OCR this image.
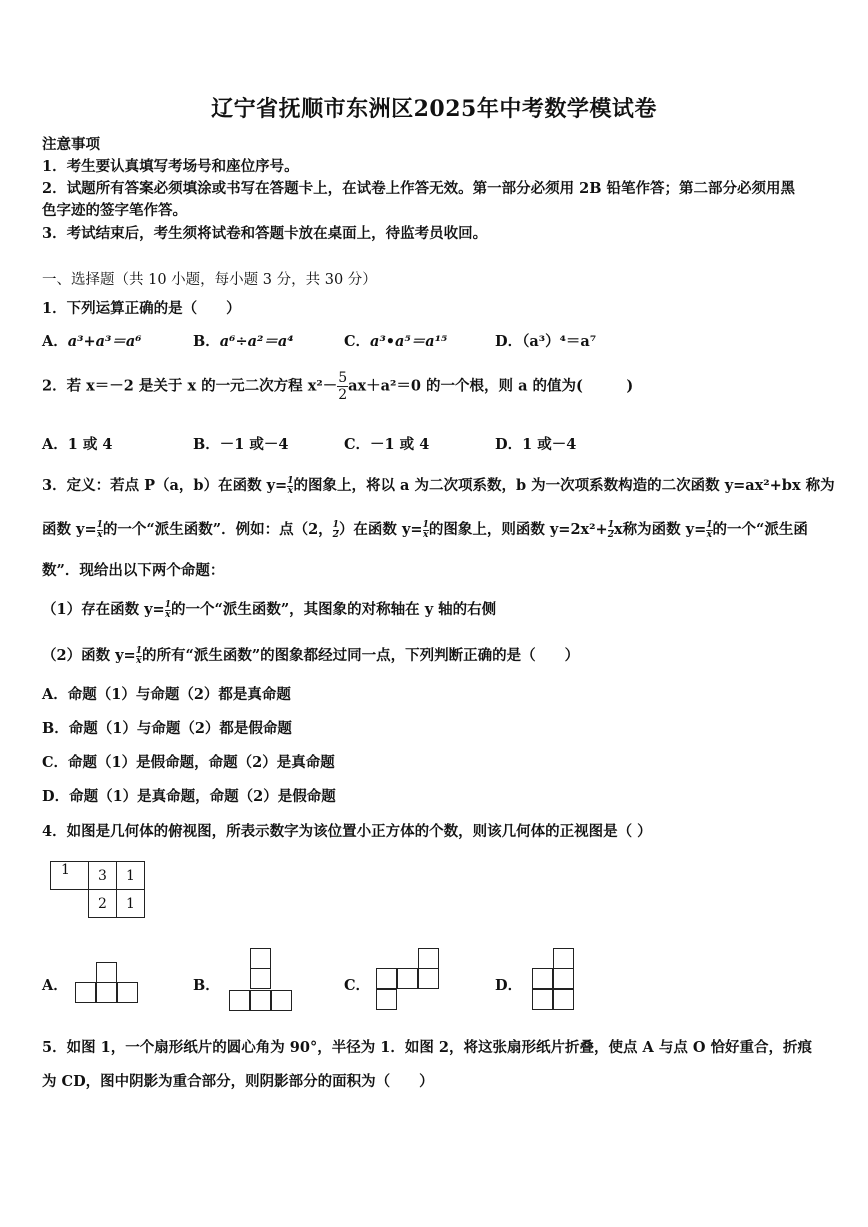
辽宁省抚顺市东洲区2025年中考数学模试卷
注意事项
1．考生要认真填写考场号和座位序号。
2．试题所有答案必须填涂或书写在答题卡上，在试卷上作答无效。第一部分必须用 2B 铅笔作答；第二部分必须用黑
色字迹的签字笔作答。
3．考试结束后，考生须将试卷和答题卡放在桌面上，待监考员收回。
一、选择题（共 10 小题，每小题 3 分，共 30 分）
1．下列运算正确的是（　　）
A．a³+a³＝a⁶	B．a⁶÷a²＝a⁴	C．a³•a⁵＝a¹⁵	D．（a³）⁴＝a⁷
2．若 x＝－2 是关于 x 的一元二次方程 $x^2- \frac{5}{2} ax+a^2=0$ 的一个根，则 a 的值为(　　　)
A．1 或 4	B．－1 或－4	C．－1 或 4	D．1 或－4
3．定义：若点 P（a，b）在函数 $y= \frac{1}{x}$ 的图象上，将以 a 为二次项系数，b 为一次项系数构造的二次函数 y=ax²+bx 称为
函数 $y= \frac{1}{x}$ 的一个“派生函数”．例如：点（2， $\frac{1}{2}$ ）在函数 $y= \frac{1}{x}$ 的图象上，则函数 $y=2x^2+ \frac{1}{2}$ x称为函数 $y= \frac{1}{x}$ 的一个“派生函
数”．现给出以下两个命题：
（1）存在函数 $y= \frac{1}{x}$ 的一个“派生函数”，其图象的对称轴在 y 轴的右侧
（2）函数 $y= \frac{1}{x}$ 的所有“派生函数”的图象都经过同一点，下列判断正确的是（　　）
A．命题（1）与命题（2）都是真命题
B．命题（1）与命题（2）都是假命题
C．命题（1）是假命题，命题（2）是真命题
D．命题（1）是真命题，命题（2）是假命题
4．如图是几何体的俯视图，所表示数字为该位置小正方体的个数，则该几何体的正视图是（ ）
1	3	1
	2	1
A．	B．	C．	D．
5．如图 1，一个扇形纸片的圆心角为 90°，半径为 1．如图 2，将这张扇形纸片折叠，使点 A 与点 O 恰好重合，折痕
为 CD，图中阴影为重合部分，则阴影部分的面积为（　　）
